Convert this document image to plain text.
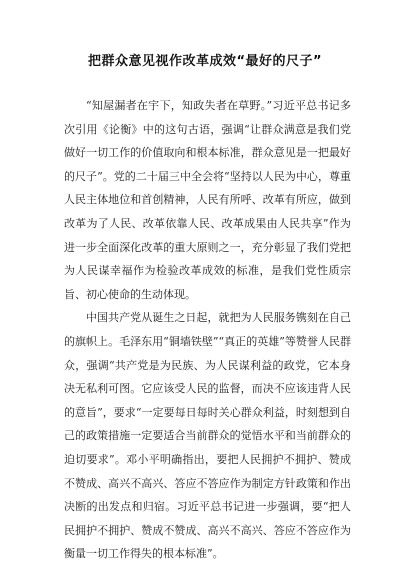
把群众意见视作改革成效“最好的尺子”

“知屋漏者在宇下，知政失者在草野。”习近平总书记多次引用《论衡》中的这句古语，强调“让群众满意是我们党做好一切工作的价值取向和根本标准，群众意见是一把最好的尺子”。党的二十届三中全会将“坚持以人民为中心，尊重人民主体地位和首创精神，人民有所呼、改革有所应，做到改革为了人民、改革依靠人民、改革成果由人民共享”作为进一步全面深化改革的重大原则之一，充分彰显了我们党把为人民谋幸福作为检验改革成效的标准，是我们党性质宗旨、初心使命的生动体现。

中国共产党从诞生之日起，就把为人民服务镌刻在自己的旗帜上。毛泽东用“铜墙铁壁”“真正的英雄”等赞誉人民群众，强调“共产党是为民族、为人民谋利益的政党，它本身决无私利可图。它应该受人民的监督，而决不应该违背人民的意旨”，要求“一定要每日每时关心群众利益，时刻想到自己的政策措施一定要适合当前群众的觉悟水平和当前群众的迫切要求”。邓小平明确指出，要把人民拥护不拥护、赞成不赞成、高兴不高兴、答应不答应作为制定方针政策和作出决断的出发点和归宿。习近平总书记进一步强调，要“把人民拥护不拥护、赞成不赞成、高兴不高兴、答应不答应作为衡量一切工作得失的根本标准”。
